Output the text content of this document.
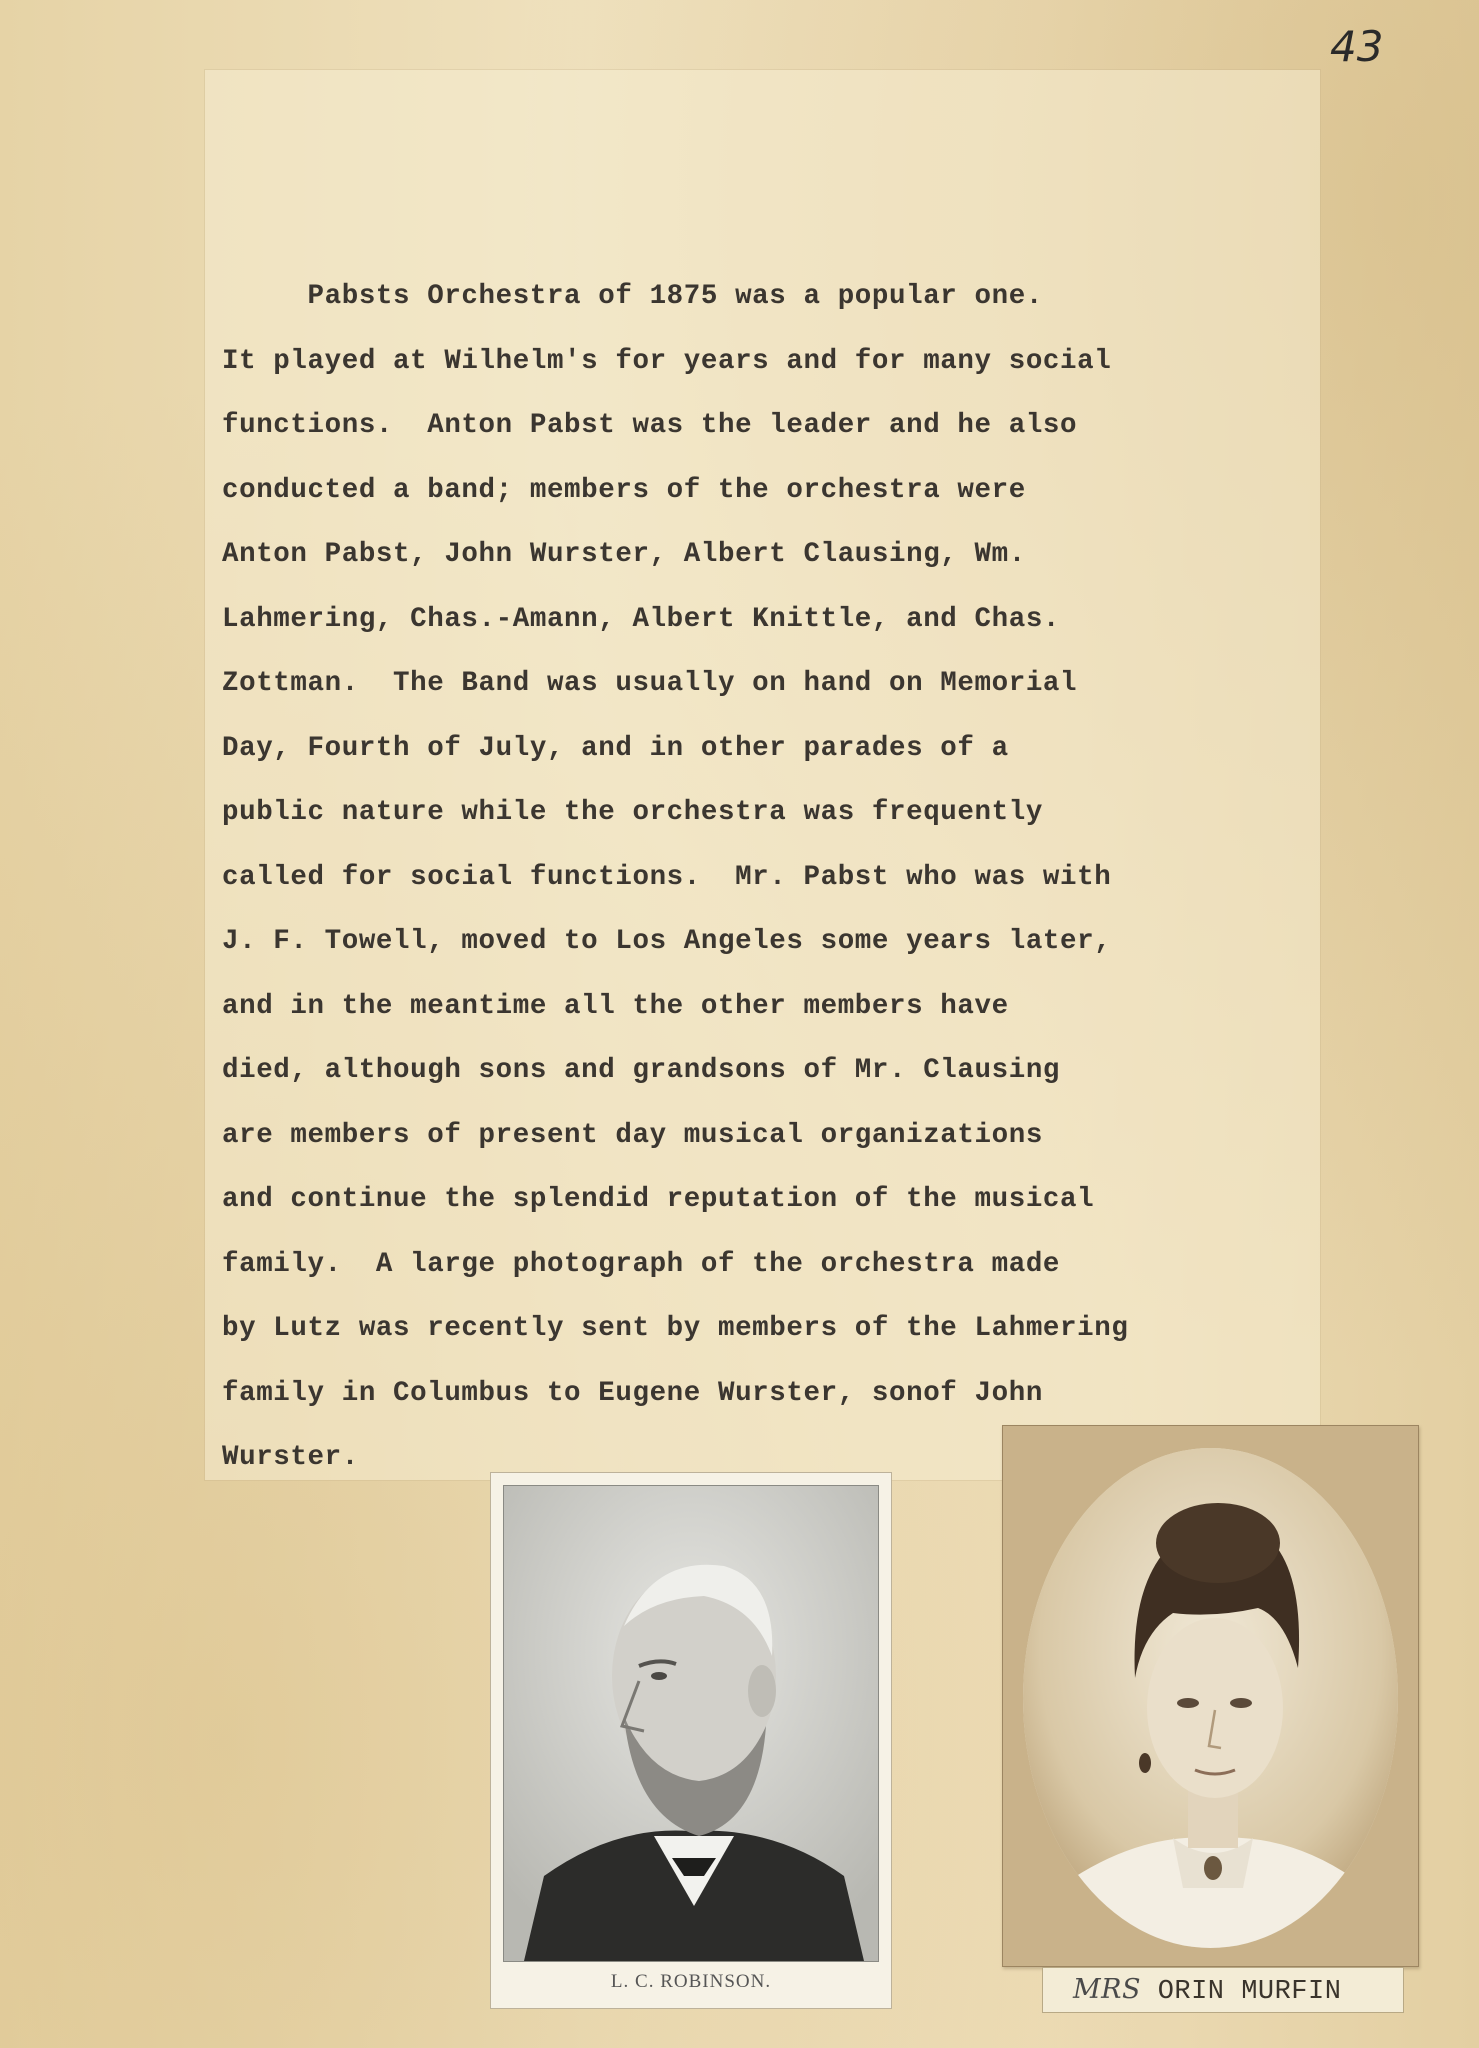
43
Pabsts Orchestra of 1875 was a popular one.
It played at Wilhelm's for years and for many social
functions.  Anton Pabst was the leader and he also
conducted a band; members of the orchestra were
Anton Pabst, John Wurster, Albert Clausing, Wm.
Lahmering, Chas.-Amann, Albert Knittle, and Chas.
Zottman.  The Band was usually on hand on Memorial
Day, Fourth of July, and in other parades of a
public nature while the orchestra was frequently
called for social functions.  Mr. Pabst who was with
J. F. Towell, moved to Los Angeles some years later,
and in the meantime all the other members have
died, although sons and grandsons of Mr. Clausing
are members of present day musical organizations
and continue the splendid reputation of the musical
family.  A large photograph of the orchestra made
by Lutz was recently sent by members of the Lahmering
family in Columbus to Eugene Wurster, sonof John
Wurster.
L. C. ROBINSON.	MRS ORIN MURFIN
